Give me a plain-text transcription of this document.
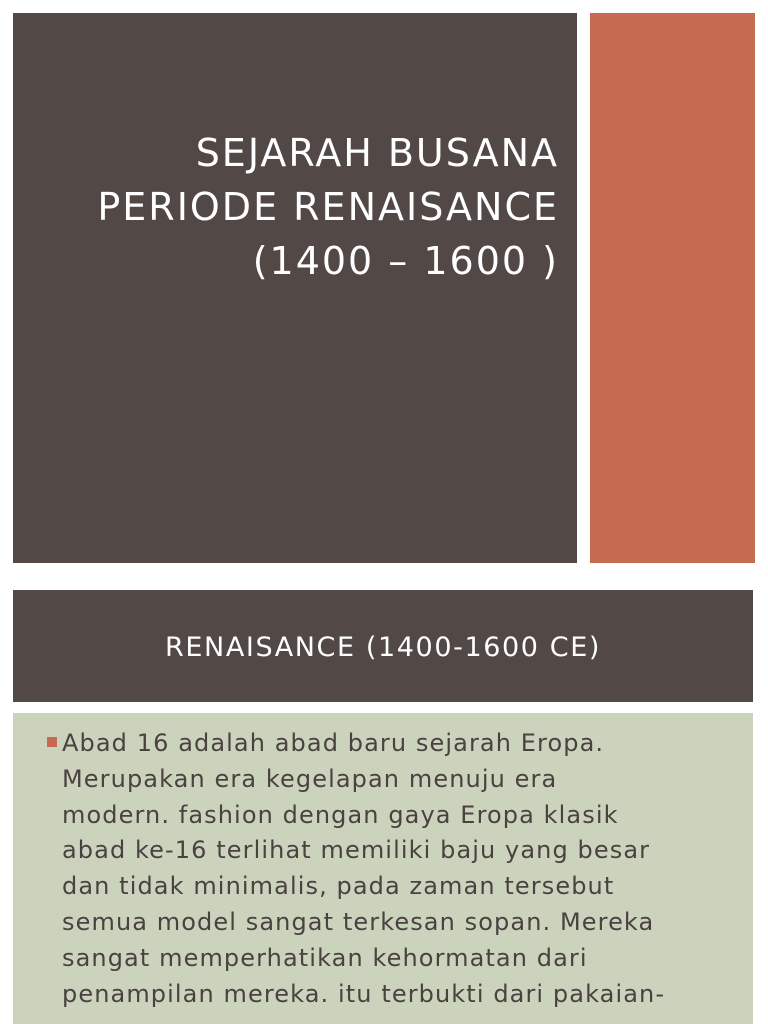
SEJARAH BUSANA
PERIODE RENAISANCE
(1400 – 1600 )
RENAISANCE (1400-1600 CE)

Abad 16 adalah abad baru sejarah Eropa.
Merupakan era kegelapan menuju era
modern. fashion dengan gaya Eropa klasik
abad ke-16 terlihat memiliki baju yang besar
dan tidak minimalis, pada zaman tersebut
semua model sangat terkesan sopan. Mereka
sangat memperhatikan kehormatan dari
penampilan mereka. itu terbukti dari pakaian-
